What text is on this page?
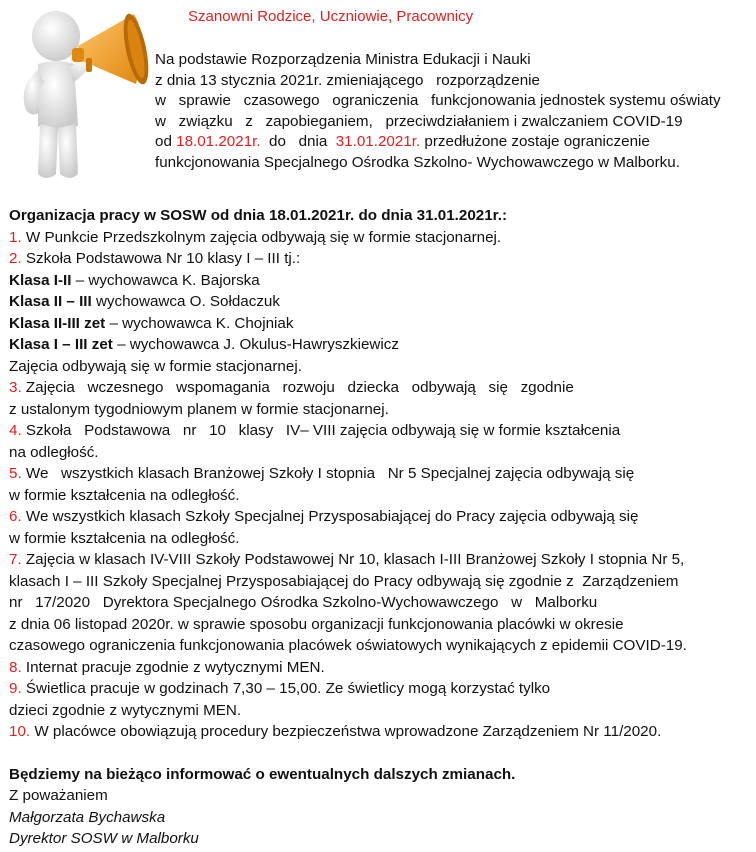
Szanowni Rodzice, Uczniowie, Pracownicy
Na podstawie Rozporządzenia Ministra Edukacji i Nauki
z dnia 13 stycznia 2021r. zmieniającego   rozporządzenie
w   sprawie   czasowego   ograniczenia   funkcjonowania jednostek systemu oświaty
w   związku   z   zapobieganiem,   przeciwdziałaniem i zwalczaniem COVID-19
od 18.01.2021r.  do   dnia  31.01.2021r. przedłużone zostaje ograniczenie
funkcjonowania Specjalnego Ośrodka Szkolno- Wychowawczego w Malborku.
Organizacja pracy w SOSW od dnia 18.01.2021r. do dnia 31.01.2021r.:
1. W Punkcie Przedszkolnym zajęcia odbywają się w formie stacjonarnej.
2. Szkoła Podstawowa Nr 10 klasy I – III tj.:
Klasa I-II – wychowawca K. Bajorska
Klasa II – III wychowawca O. Sołdaczuk
Klasa II-III zet – wychowawca K. Chojniak
Klasa I – III zet – wychowawca J. Okulus-Hawryszkiewicz
Zajęcia odbywają się w formie stacjonarnej.
3. Zajęcia   wczesnego   wspomagania   rozwoju   dziecka   odbywają   się   zgodnie
z ustalonym tygodniowym planem w formie stacjonarnej.
4. Szkoła   Podstawowa   nr   10   klasy   IV– VIII zajęcia odbywają się w formie kształcenia
na odległość.
5. We   wszystkich klasach Branżowej Szkoły I stopnia   Nr 5 Specjalnej zajęcia odbywają się
w formie kształcenia na odległość.
6. We wszystkich klasach Szkoły Specjalnej Przysposabiającej do Pracy zajęcia odbywają się
w formie kształcenia na odległość.
7. Zajęcia w klasach IV-VIII Szkoły Podstawowej Nr 10, klasach I-III Branżowej Szkoły I stopnia Nr 5,
klasach I – III Szkoły Specjalnej Przysposabiającej do Pracy odbywają się zgodnie z  Zarządzeniem
nr   17/2020   Dyrektora Specjalnego Ośrodka Szkolno-Wychowawczego   w   Malborku
z dnia 06 listopad 2020r. w sprawie sposobu organizacji funkcjonowania placówki w okresie
czasowego ograniczenia funkcjonowania placówek oświatowych wynikających z epidemii COVID-19.
8. Internat pracuje zgodnie z wytycznymi MEN.
9. Świetlica pracuje w godzinach 7,30 – 15,00. Ze świetlicy mogą korzystać tylko
dzieci zgodnie z wytycznymi MEN.
10. W placówce obowiązują procedury bezpieczeństwa wprowadzone Zarządzeniem Nr 11/2020.
Będziemy na bieżąco informować o ewentualnych dalszych zmianach.
Z poważaniem
Małgorzata Bychawska
Dyrektor SOSW w Malborku
